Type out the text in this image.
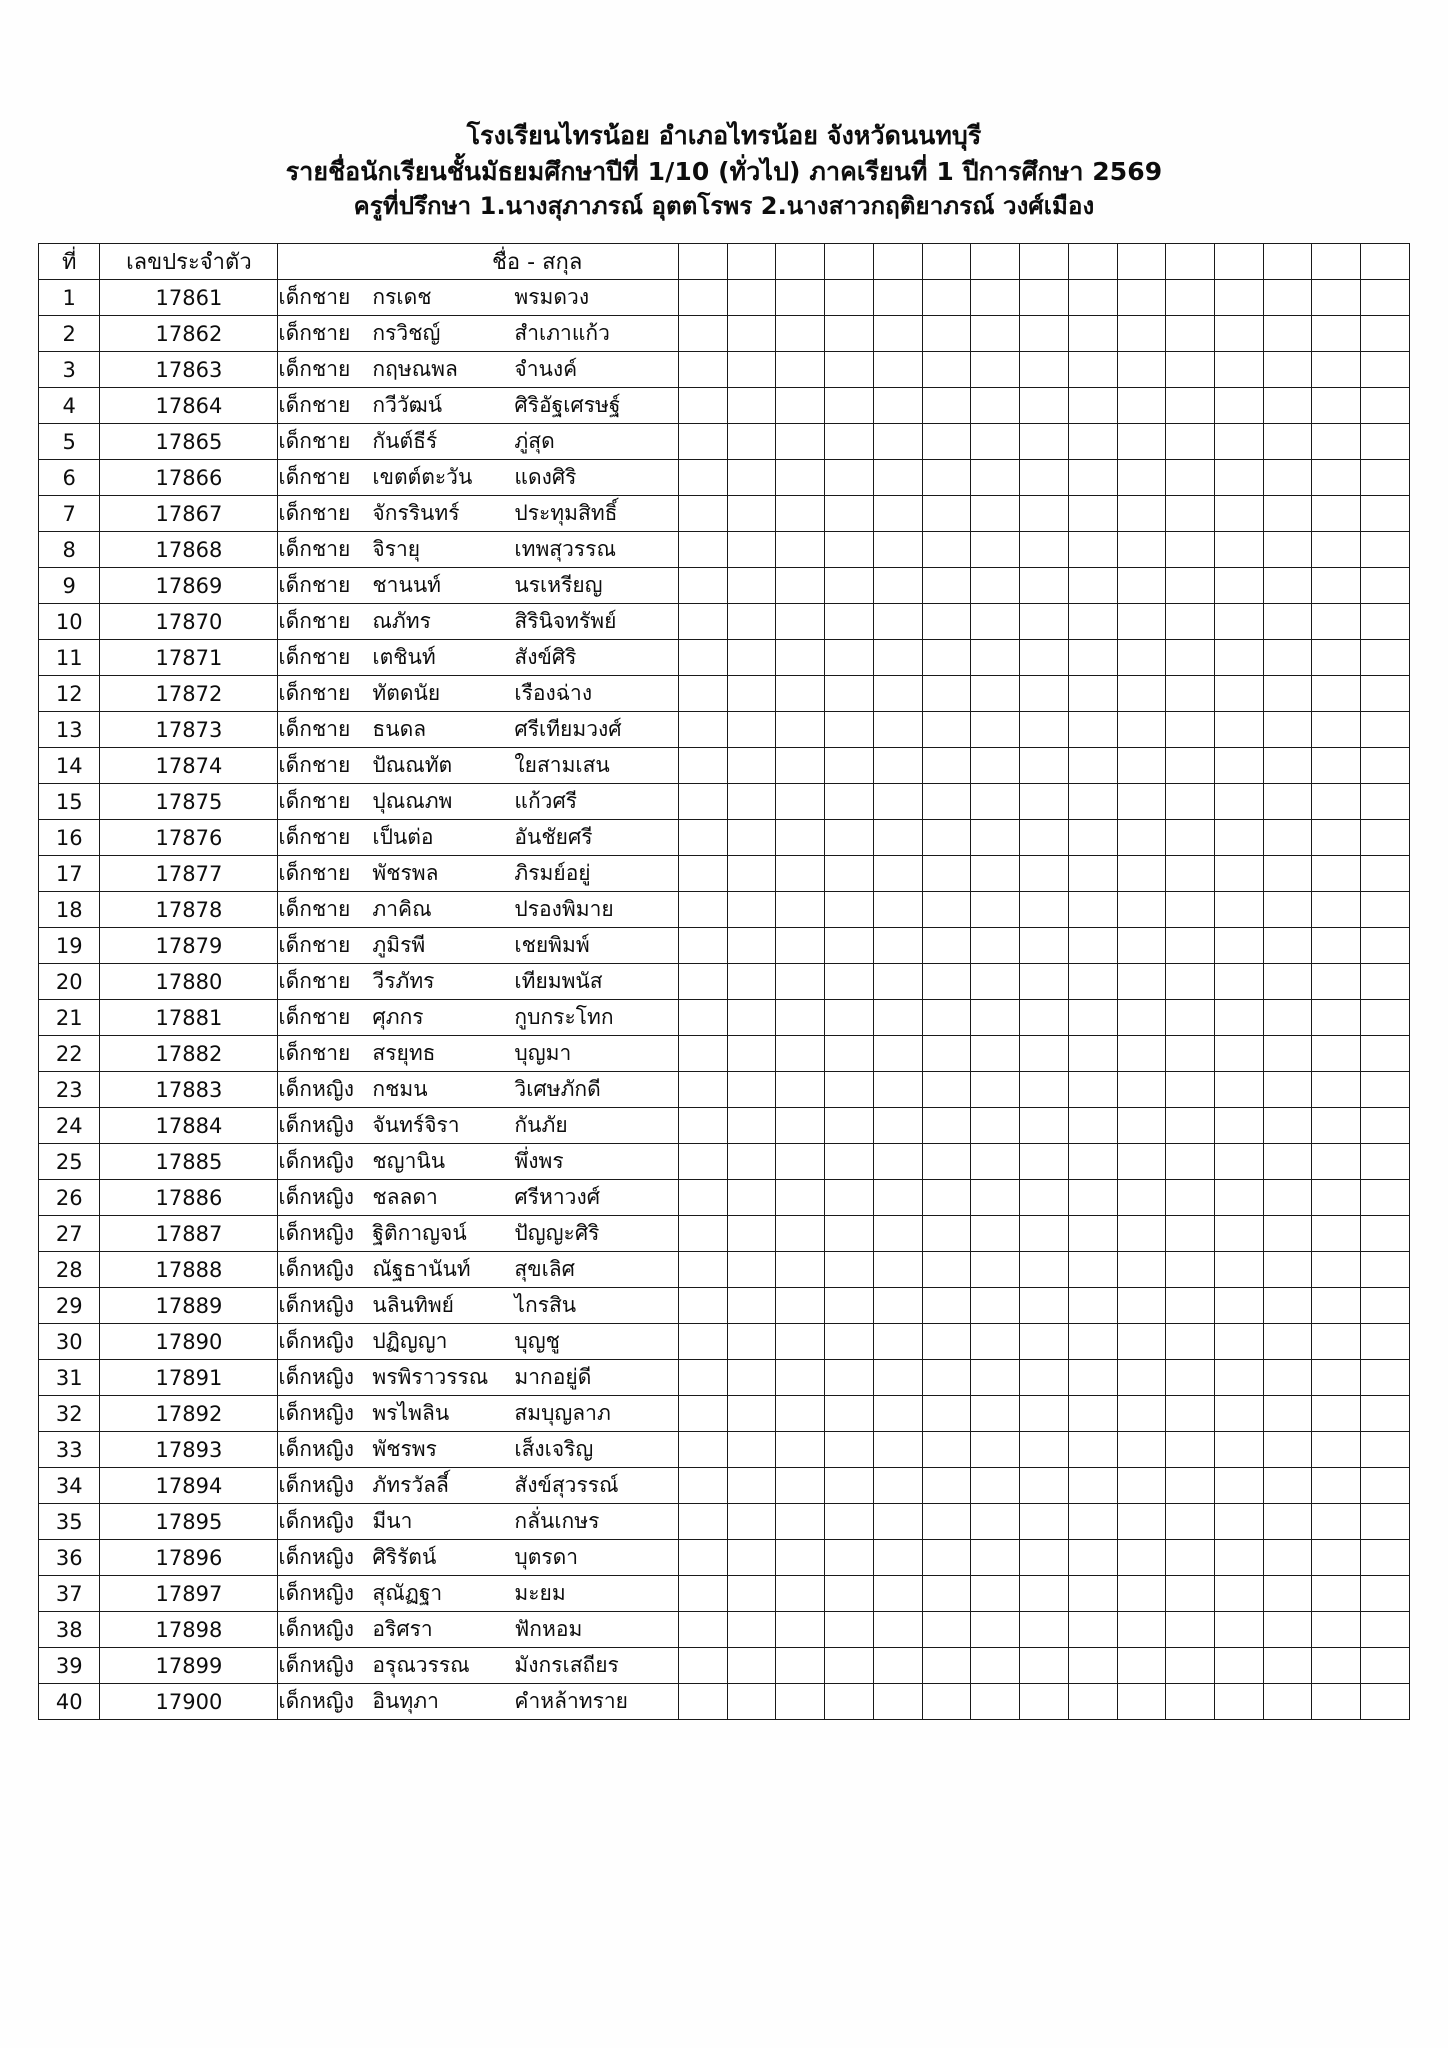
โรงเรียนไทรน้อย อำเภอไทรน้อย จังหวัดนนทบุรี
รายชื่อนักเรียนชั้นมัธยมศึกษาปีที่ 1/10 (ทั่วไป) ภาคเรียนที่ 1 ปีการศึกษา 2569
ครูที่ปรึกษา 1.นางสุภาภรณ์ อุตตโรพร 2.นางสาวกฤติยาภรณ์ วงศ์เมือง
ที่	เลขประจำตัว	ชื่อ - สกุล															

1	17861	เด็กชาย กรเดช พรมดวง															
2	17862	เด็กชาย กรวิชญ์ สำเภาแก้ว															
3	17863	เด็กชาย กฤษณพล จำนงค์															
4	17864	เด็กชาย กวีวัฒน์ ศิริอัฐเศรษฐ์															
5	17865	เด็กชาย กันต์ธีร์ ภู่สุด															
6	17866	เด็กชาย เขตต์ตะวัน แดงศิริ															
7	17867	เด็กชาย จักรรินทร์ ประทุมสิทธิ์															
8	17868	เด็กชาย จิรายุ เทพสุวรรณ															
9	17869	เด็กชาย ชานนท์ นรเหรียญ															
10	17870	เด็กชาย ณภัทร สิรินิจทรัพย์															
11	17871	เด็กชาย เตชินท์ สังข์ศิริ															
12	17872	เด็กชาย ทัตดนัย เรืองฉ่าง															
13	17873	เด็กชาย ธนดล ศรีเทียมวงศ์															
14	17874	เด็กชาย ปัณณทัต ใยสามเสน															
15	17875	เด็กชาย ปุณณภพ แก้วศรี															
16	17876	เด็กชาย เป็นต่อ อันชัยศรี															
17	17877	เด็กชาย พัชรพล ภิรมย์อยู่															
18	17878	เด็กชาย ภาคิณ ปรองพิมาย															
19	17879	เด็กชาย ภูมิรพี เชยพิมพ์															
20	17880	เด็กชาย วีรภัทร เทียมพนัส															
21	17881	เด็กชาย ศุภกร กูบกระโทก															
22	17882	เด็กชาย สรยุทธ บุญมา															
23	17883	เด็กหญิง กชมน วิเศษภักดี															
24	17884	เด็กหญิง จันทร์จิรา กันภัย															
25	17885	เด็กหญิง ชญานิน พึ่งพร															
26	17886	เด็กหญิง ชลลดา ศรีหาวงศ์															
27	17887	เด็กหญิง ฐิติกาญจน์ ปัญญะศิริ															
28	17888	เด็กหญิง ณัฐธานันท์ สุขเลิศ															
29	17889	เด็กหญิง นลินทิพย์ ไกรสิน															
30	17890	เด็กหญิง ปฏิญญา บุญชู															
31	17891	เด็กหญิง พรพิราวรรณ มากอยู่ดี															
32	17892	เด็กหญิง พรไพลิน สมบุญลาภ															
33	17893	เด็กหญิง พัชรพร เส็งเจริญ															
34	17894	เด็กหญิง ภัทรวัลลี์ สังข์สุวรรณ์															
35	17895	เด็กหญิง มีนา กลั่นเกษร															
36	17896	เด็กหญิง ศิริรัตน์ บุตรดา															
37	17897	เด็กหญิง สุณัฏฐา มะยม															
38	17898	เด็กหญิง อริศรา ฟักหอม															
39	17899	เด็กหญิง อรุณวรรณ มังกรเสถียร															
40	17900	เด็กหญิง อินทุภา คำหล้าทราย															
